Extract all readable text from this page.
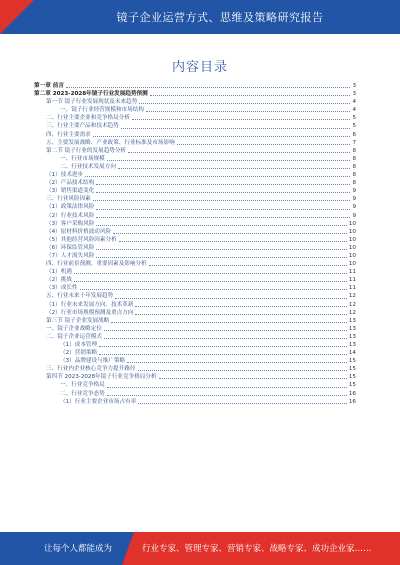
镜子企业运营方式、思维及策略研究报告
内容目录
第一章 前言	3
第二章 2023-2028年镜子行业发展趋势预测	3
第一节 镜子行业发展现状及未来趋势	4
一、镜子行业经营规模和市场结构	4
二、行业主要企业和竞争格局分析	5
三、行业主要产品和技术趋势	5
四、行业主要需求	6
五、主要发展战略、产业政策、行业标准及市场影响	7
第二节 镜子行业的发展趋势分析	8
一、行业市场规模	8
二、行业技术发展方向	8
（1）技术进步	8
（2）产品技术结构	8
（3）销售渠道变化	9
三、行业风险因素	9
（1）政策法律风险	9
（2）行业技术风险	9
（3）客户采购风险	10
（4）原材料价格波动风险	10
（5）其他经营风险因素分析	10
（6）环保监管风险	10
（7）人才流失风险	10
四、行业前景预测、重要因素及影响分析	10
（1）机遇	11
（2）挑战	11
（3）成长性	11
五、行业未来十年发展趋势	12
（1）行业未来发展方向、技术革新	12
（2）行业市场规模预测及重点方向	12
第三节 镜子企业发展战略	13
一、镜子企业战略定位	13
二、镜子企业运营模式	13
（1）成本管理	13
（2）营销策略	14
（3）品牌建设与推广策略	15
三、行业内企业核心竞争力提升路径	15
第四节 2023-2028年镜子行业竞争格局分析	15
一、行业竞争格局	15
二、行业竞争态势	16
（1）行业主要企业市场占有率	16
让每个人都能成为	行业专家、管理专家、营销专家、战略专家、成功企业家……
